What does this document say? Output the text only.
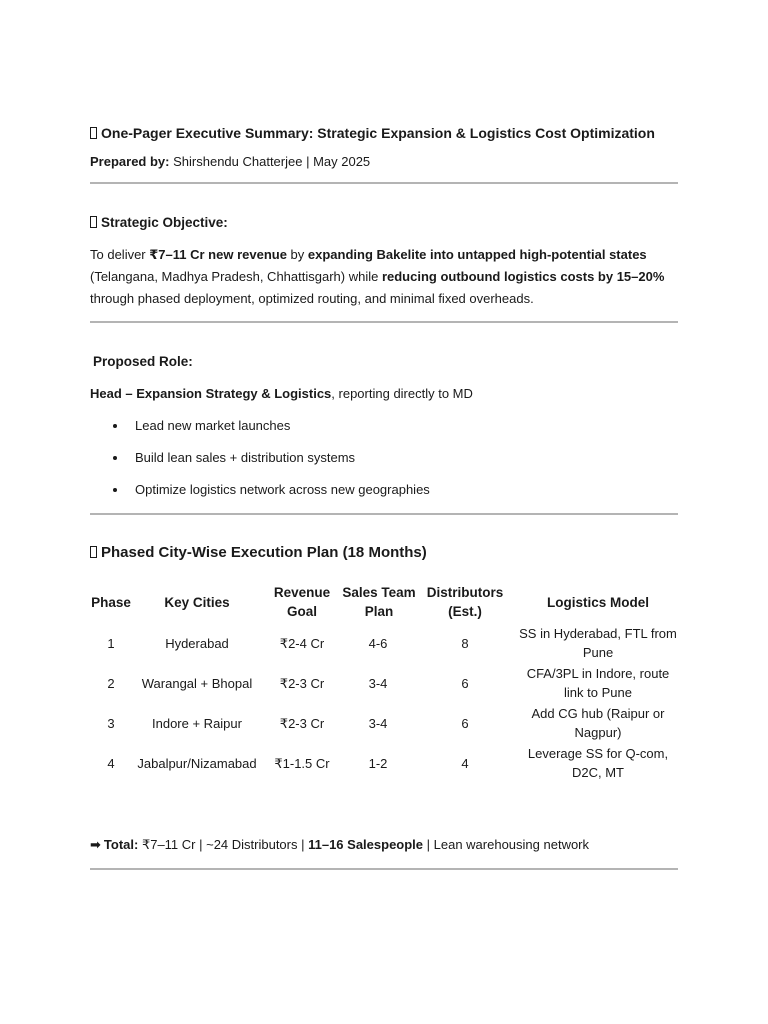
One-Pager Executive Summary: Strategic Expansion & Logistics Cost Optimization
Prepared by: Shirshendu Chatterjee | May 2025
Strategic Objective:
To deliver ₹7–11 Cr new revenue by expanding Bakelite into untapped high-potential states
(Telangana, Madhya Pradesh, Chhattisgarh) while reducing outbound logistics costs by 15–20%
through phased deployment, optimized routing, and minimal fixed overheads.
Proposed Role:
Head – Expansion Strategy & Logistics, reporting directly to MD
Lead new market launches
Build lean sales + distribution systems
Optimize logistics network across new geographies
Phased City-Wise Execution Plan (18 Months)
Phase	Key Cities	Revenue Goal	Sales Team Plan	Distributors (Est.)	Logistics Model
1	Hyderabad	₹2-4 Cr	4-6	8	SS in Hyderabad, FTL from Pune
2	Warangal + Bhopal	₹2-3 Cr	3-4	6	CFA/3PL in Indore, route link to Pune
3	Indore + Raipur	₹2-3 Cr	3-4	6	Add CG hub (Raipur or Nagpur)
4	Jabalpur/Nizamabad	₹1-1.5 Cr	1-2	4	Leverage SS for Q-com, D2C, MT
➡ Total: ₹7–11 Cr | ~24 Distributors | 11–16 Salespeople | Lean warehousing network
